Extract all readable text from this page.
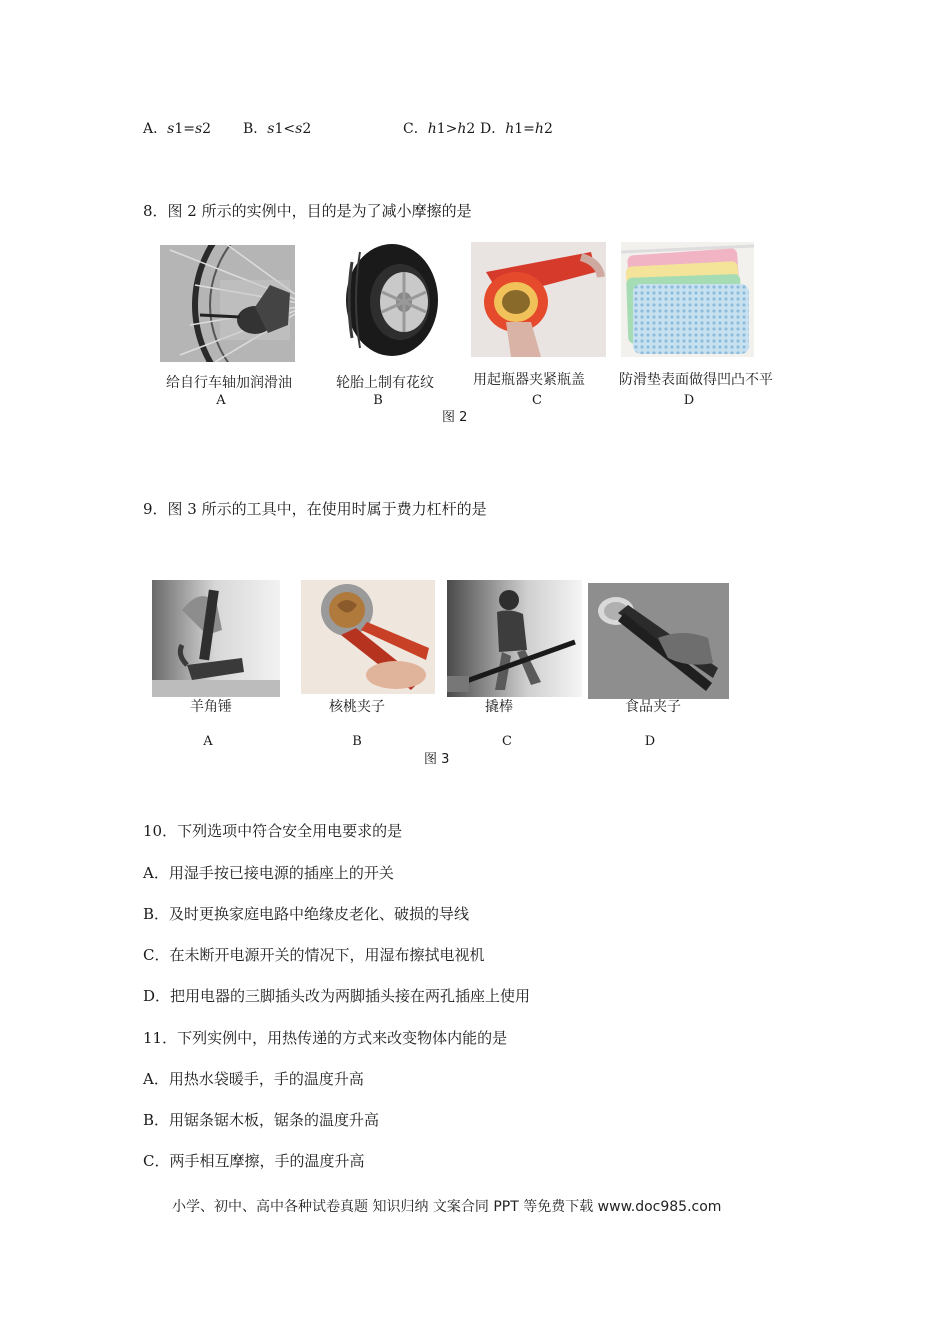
A．s1=s2 B．s1<s2	C．h1>h2 D．h1=h2
8．图 2 所示的实例中，目的是为了减小摩擦的是
给自行车轴加润滑油	轮胎上制有花纹	用起瓶器夹紧瓶盖 防滑垫表面做得凹凸不平
A	B	C	D
图 2
9．图 3 所示的工具中，在使用时属于费力杠杆的是
羊角锤	核桃夹子	撬棒	食品夹子
A	B	C	D
图 3
10．下列选项中符合安全用电要求的是
A．用湿手按已接电源的插座上的开关
B．及时更换家庭电路中绝缘皮老化、破损的导线
C．在未断开电源开关的情况下，用湿布擦拭电视机
D．把用电器的三脚插头改为两脚插头接在两孔插座上使用
11．下列实例中，用热传递的方式来改变物体内能的是
A．用热水袋暖手，手的温度升高
B．用锯条锯木板，锯条的温度升高
C．两手相互摩擦，手的温度升高
小学、初中、高中各种试卷真题 知识归纳 文案合同 PPT 等免费下载 www.doc985.com
